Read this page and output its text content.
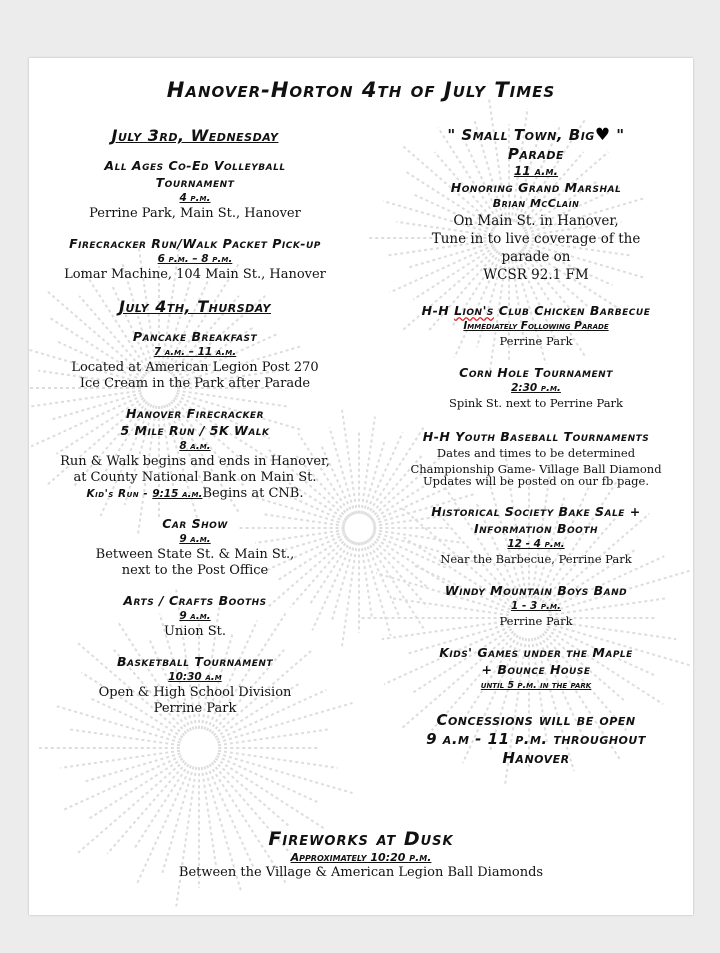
Hanover-Horton 4th of July Times
July 3rd, Wednesday
All Ages Co-Ed Volleyball Tournament
4 p.m.
Perrine Park, Main St., Hanover
Firecracker Run/Walk Packet Pick-up
6 p.m. – 8 p.m.
Lomar Machine, 104 Main St., Hanover
July 4th, Thursday
Pancake Breakfast
7 a.m. – 11 a.m.
Located at American Legion Post 270
Ice Cream in the Park after Parade
Hanover Firecracker
5 Mile Run / 5K Walk
8 a.m.
Run & Walk begins and ends in Hanover,
at County National Bank on Main St.
Kid's Run - 9:15 a.m.Begins at CNB.
Car Show
9 a.m.
Between State St. & Main St.,
next to the Post Office
Arts / Crafts Booths
9 a.m.
Union St.
Basketball Tournament
10:30 a.m
Open & High School Division
Perrine Park
" Small Town, Big♥ "
Parade
11 a.m.
Honoring Grand Marshal
Brian McClain
On Main St. in Hanover,
Tune in to live coverage of the
parade on
WCSR 92.1 FM
H-H Lion's Club Chicken Barbecue
Immediately Following Parade
Perrine Park
Corn Hole Tournament
2:30 p.m.
Spink St. next to Perrine Park
H-H Youth Baseball Tournaments
Dates and times to be determined
Championship Game- Village Ball Diamond
Updates will be posted on our fb page.
Historical Society Bake Sale +
Information Booth
12 - 4 p.m.
Near the Barbecue, Perrine Park
Windy Mountain Boys Band
1 - 3 p.m.
Perrine Park
Kids' Games under the Maple
+ Bounce House
until 5 p.m. in the park
Concessions will be open
9 a.m - 11 p.m. throughout
Hanover
Fireworks at Dusk
Approximately 10:20 p.m.
Between the Village & American Legion Ball Diamonds
